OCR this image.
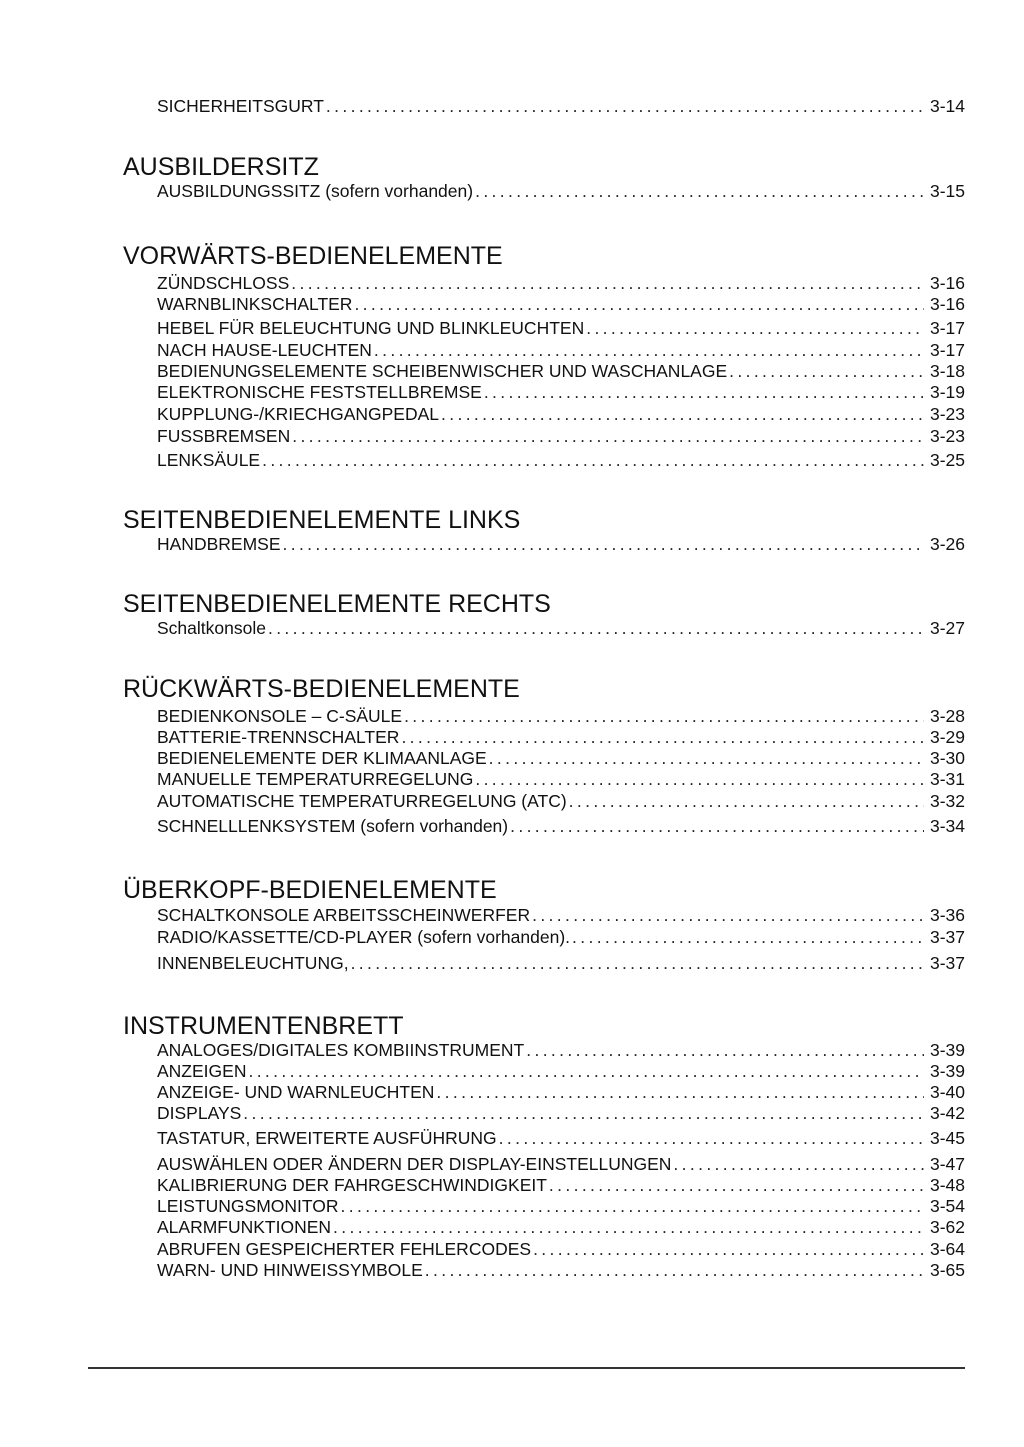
SICHERHEITSGURT . . .	3-14
AUSBILDERSITZ
AUSBILDUNGSSITZ (sofern vorhanden) . . .	3-15
VORWÄRTS-BEDIENELEMENTE
ZÜNDSCHLOSS . . .	3-16
WARNBLINKSCHALTER . . .	3-16
HEBEL FÜR BELEUCHTUNG UND BLINKLEUCHTEN . . .	3-17
NACH HAUSE-LEUCHTEN . . .	3-17
BEDIENUNGSELEMENTE SCHEIBENWISCHER UND WASCHANLAGE . . .	3-18
ELEKTRONISCHE FESTSTELLBREMSE . . .	3-19
KUPPLUNG-/KRIECHGANGPEDAL . . .	3-23
FUSSBREMSEN . . .	3-23
LENKSÄULE . . .	3-25
SEITENBEDIENELEMENTE LINKS
HANDBREMSE . . .	3-26
SEITENBEDIENELEMENTE RECHTS
Schaltkonsole . . .	3-27
RÜCKWÄRTS-BEDIENELEMENTE
BEDIENKONSOLE – C-SÄULE . . .	3-28
BATTERIE-TRENNSCHALTER . . .	3-29
BEDIENELEMENTE DER KLIMAANLAGE . . .	3-30
MANUELLE TEMPERATURREGELUNG . . .	3-31
AUTOMATISCHE TEMPERATURREGELUNG (ATC) . . .	3-32
SCHNELLLENKSYSTEM (sofern vorhanden) . . .	3-34
ÜBERKOPF-BEDIENELEMENTE
SCHALTKONSOLE ARBEITSSCHEINWERFER . . .	3-36
RADIO/KASSETTE/CD-PLAYER (sofern vorhanden). . . .	3-37
INNENBELEUCHTUNG, . . .	3-37
INSTRUMENTENBRETT
ANALOGES/DIGITALES KOMBIINSTRUMENT . . .	3-39
ANZEIGEN . . .	3-39
ANZEIGE- UND WARNLEUCHTEN . . .	3-40
DISPLAYS . . .	3-42
TASTATUR, ERWEITERTE AUSFÜHRUNG . . .	3-45
AUSWÄHLEN ODER ÄNDERN DER DISPLAY-EINSTELLUNGEN . . .	3-47
KALIBRIERUNG DER FAHRGESCHWINDIGKEIT . . .	3-48
LEISTUNGSMONITOR . . .	3-54
ALARMFUNKTIONEN . . .	3-62
ABRUFEN GESPEICHERTER FEHLERCODES . . .	3-64
WARN- UND HINWEISSYMBOLE . . .	3-65
